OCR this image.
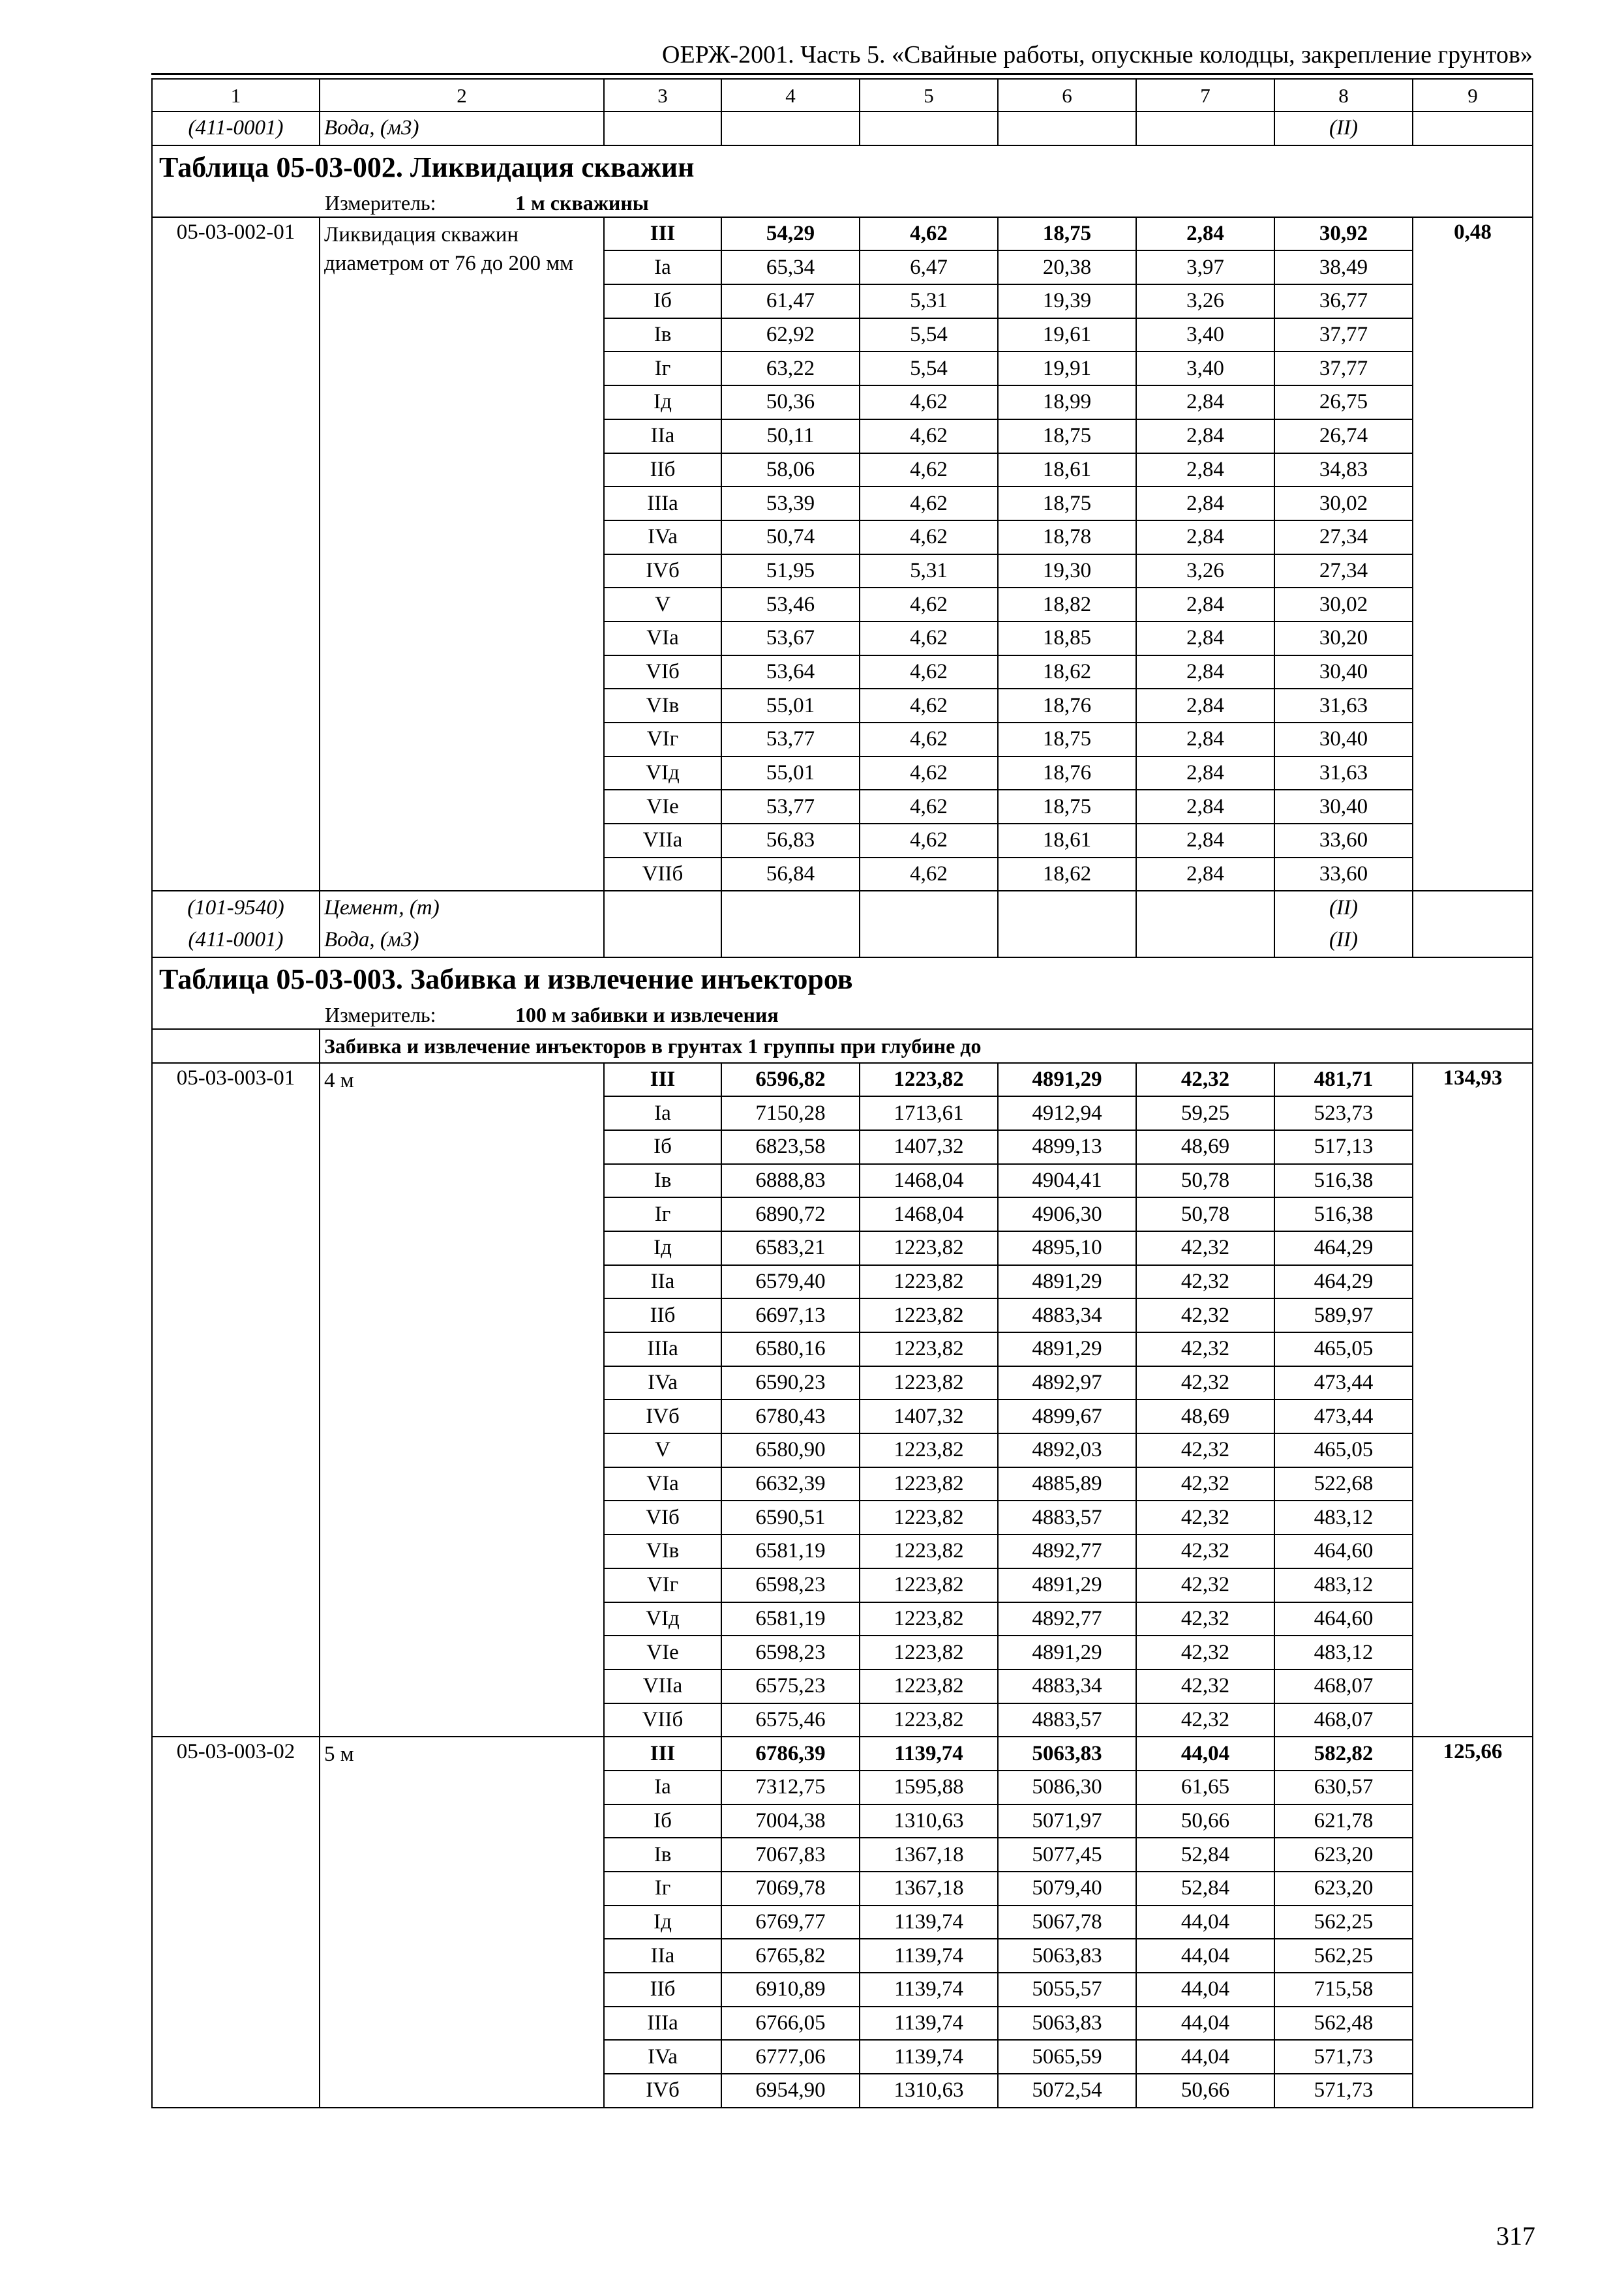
ОЕРЖ-2001. Часть 5. «Свайные работы, опускные колодцы, закрепление грунтов»
1	2	3	4	5	6	7	8	9
(411-0001)	Вода, (м3)						(II)	
Таблица 05-03-002. Ликвидация скважин								
Измеритель: 1 м скважины								
05-03-002-01	Ликвидация скважин диаметром от 76 до 200 мм	III	54,29	4,62	18,75	2,84	30,92	0,48
		Ia	65,34	6,47	20,38	3,97	38,49	
		Iб	61,47	5,31	19,39	3,26	36,77	
		Iв	62,92	5,54	19,61	3,40	37,77	
		Iг	63,22	5,54	19,91	3,40	37,77	
		Iд	50,36	4,62	18,99	2,84	26,75	
		IIa	50,11	4,62	18,75	2,84	26,74	
		IIб	58,06	4,62	18,61	2,84	34,83	
		IIIa	53,39	4,62	18,75	2,84	30,02	
		IVa	50,74	4,62	18,78	2,84	27,34	
		IVб	51,95	5,31	19,30	3,26	27,34	
		V	53,46	4,62	18,82	2,84	30,02	
		VIa	53,67	4,62	18,85	2,84	30,20	
		VIб	53,64	4,62	18,62	2,84	30,40	
		VIв	55,01	4,62	18,76	2,84	31,63	
		VIг	53,77	4,62	18,75	2,84	30,40	
		VIд	55,01	4,62	18,76	2,84	31,63	
		VIe	53,77	4,62	18,75	2,84	30,40	
		VIIa	56,83	4,62	18,61	2,84	33,60	
		VIIб	56,84	4,62	18,62	2,84	33,60	
(101-9540)	Цемент, (т)						(II)	
(411-0001)	Вода, (м3)						(II)	
Таблица 05-03-003. Забивка и извлечение инъекторов								
Измеритель: 100 м забивки и извлечения								
	Забивка и извлечение инъекторов в грунтах 1 группы при глубине до							
05-03-003-01	4 м	III	6596,82	1223,82	4891,29	42,32	481,71	134,93
		Ia	7150,28	1713,61	4912,94	59,25	523,73	
		Iб	6823,58	1407,32	4899,13	48,69	517,13	
		Iв	6888,83	1468,04	4904,41	50,78	516,38	
		Iг	6890,72	1468,04	4906,30	50,78	516,38	
		Iд	6583,21	1223,82	4895,10	42,32	464,29	
		IIa	6579,40	1223,82	4891,29	42,32	464,29	
		IIб	6697,13	1223,82	4883,34	42,32	589,97	
		IIIa	6580,16	1223,82	4891,29	42,32	465,05	
		IVa	6590,23	1223,82	4892,97	42,32	473,44	
		IVб	6780,43	1407,32	4899,67	48,69	473,44	
		V	6580,90	1223,82	4892,03	42,32	465,05	
		VIa	6632,39	1223,82	4885,89	42,32	522,68	
		VIб	6590,51	1223,82	4883,57	42,32	483,12	
		VIв	6581,19	1223,82	4892,77	42,32	464,60	
		VIг	6598,23	1223,82	4891,29	42,32	483,12	
		VIд	6581,19	1223,82	4892,77	42,32	464,60	
		VIe	6598,23	1223,82	4891,29	42,32	483,12	
		VIIa	6575,23	1223,82	4883,34	42,32	468,07	
		VIIб	6575,46	1223,82	4883,57	42,32	468,07	
05-03-003-02	5 м	III	6786,39	1139,74	5063,83	44,04	582,82	125,66
		Ia	7312,75	1595,88	5086,30	61,65	630,57	
		Iб	7004,38	1310,63	5071,97	50,66	621,78	
		Iв	7067,83	1367,18	5077,45	52,84	623,20	
		Iг	7069,78	1367,18	5079,40	52,84	623,20	
		Iд	6769,77	1139,74	5067,78	44,04	562,25	
		IIa	6765,82	1139,74	5063,83	44,04	562,25	
		IIб	6910,89	1139,74	5055,57	44,04	715,58	
		IIIa	6766,05	1139,74	5063,83	44,04	562,48	
		IVa	6777,06	1139,74	5065,59	44,04	571,73	
		IVб	6954,90	1310,63	5072,54	50,66	571,73	
317
